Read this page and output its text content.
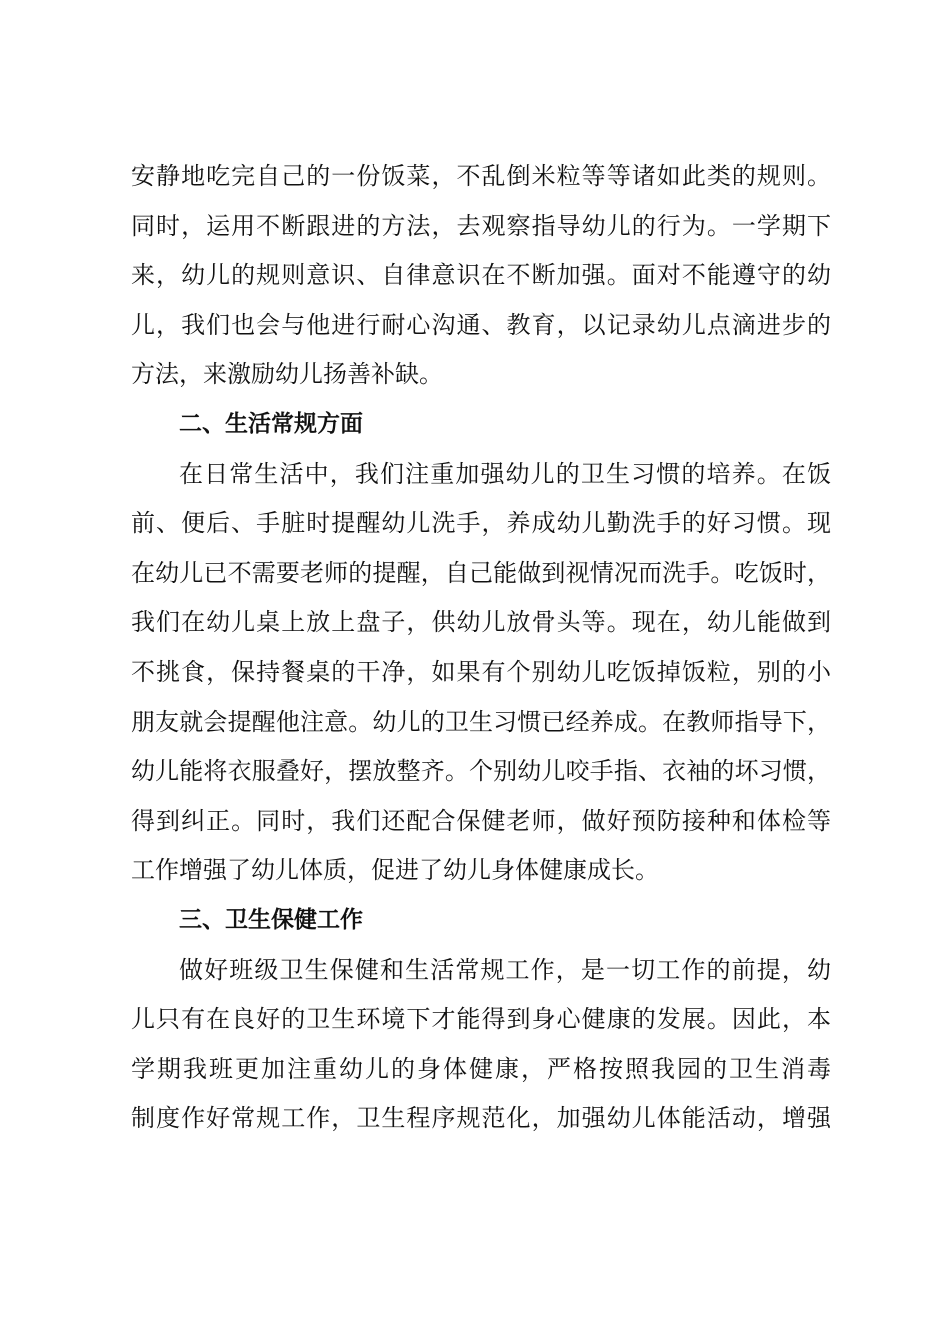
安静地吃完自己的一份饭菜，不乱倒米粒等等诸如此类的规则。
同时，运用不断跟进的方法，去观察指导幼儿的行为。一学期下
来，幼儿的规则意识、自律意识在不断加强。面对不能遵守的幼
儿，我们也会与他进行耐心沟通、教育，以记录幼儿点滴进步的
方法，来激励幼儿扬善补缺。
二、生活常规方面
在日常生活中，我们注重加强幼儿的卫生习惯的培养。在饭
前、便后、手脏时提醒幼儿洗手，养成幼儿勤洗手的好习惯。现
在幼儿已不需要老师的提醒，自己能做到视情况而洗手。吃饭时，
我们在幼儿桌上放上盘子，供幼儿放骨头等。现在，幼儿能做到
不挑食，保持餐桌的干净，如果有个别幼儿吃饭掉饭粒，别的小
朋友就会提醒他注意。幼儿的卫生习惯已经养成。在教师指导下，
幼儿能将衣服叠好，摆放整齐。个别幼儿咬手指、衣袖的坏习惯，
得到纠正。同时，我们还配合保健老师，做好预防接种和体检等
工作增强了幼儿体质，促进了幼儿身体健康成长。
三、卫生保健工作
做好班级卫生保健和生活常规工作，是一切工作的前提，幼
儿只有在良好的卫生环境下才能得到身心健康的发展。因此，本
学期我班更加注重幼儿的身体健康，严格按照我园的卫生消毒
制度作好常规工作，卫生程序规范化，加强幼儿体能活动，增强
